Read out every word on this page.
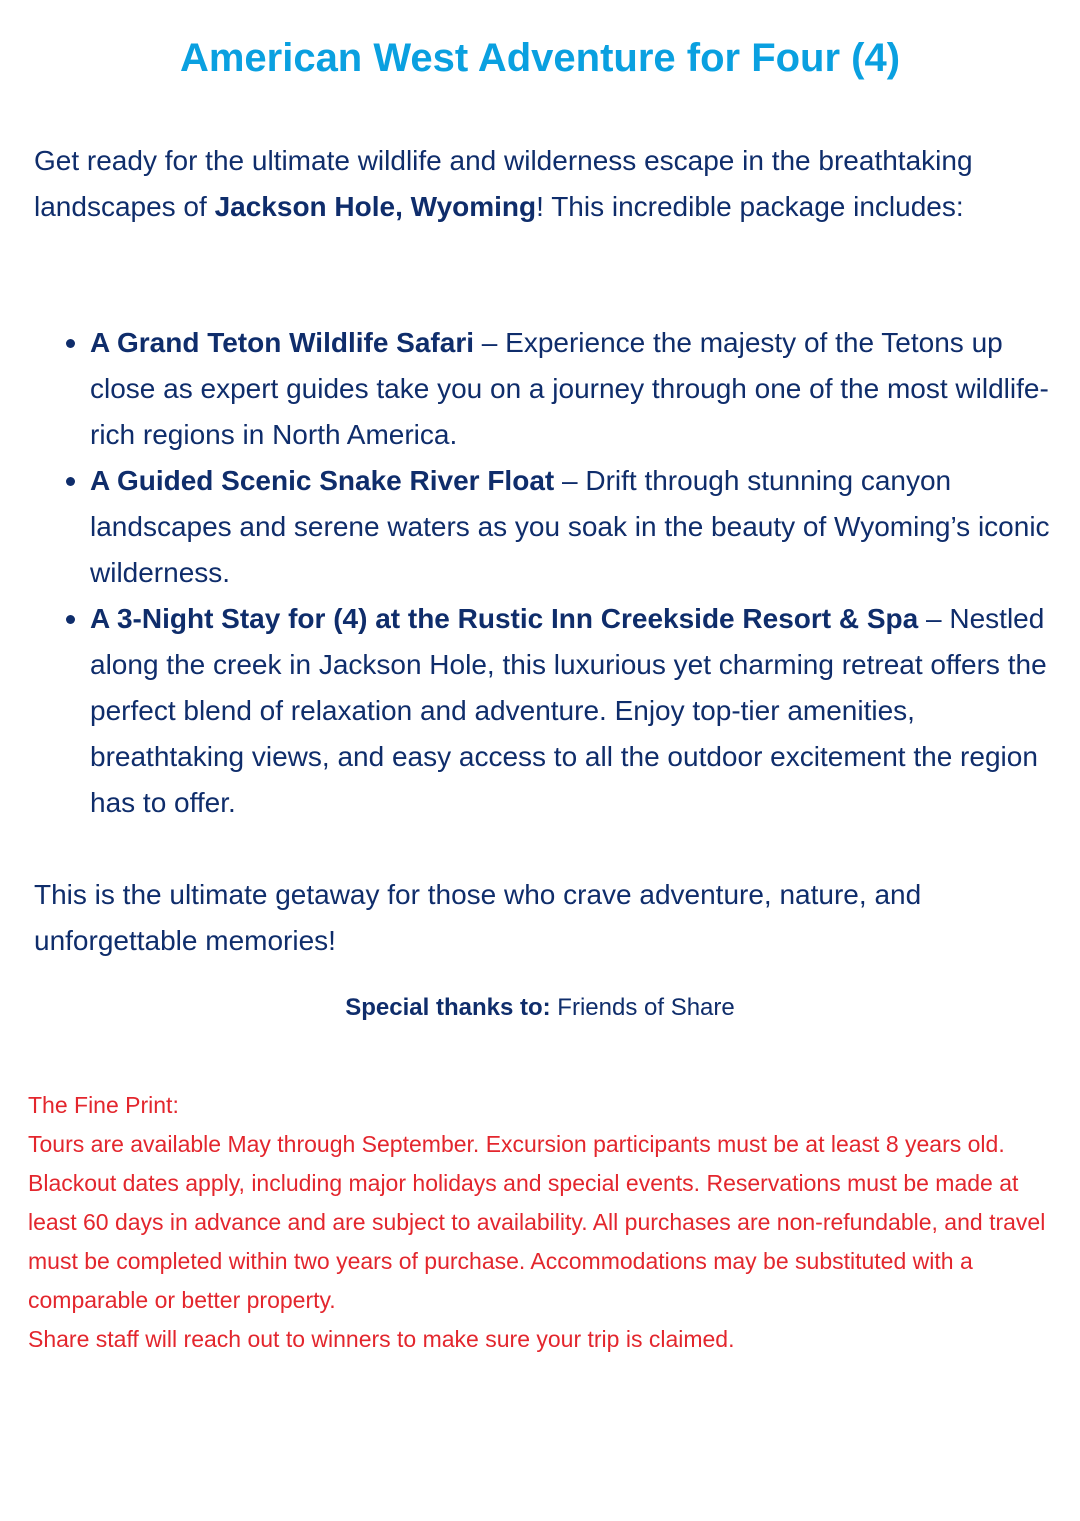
American West Adventure for Four (4)

Get ready for the ultimate wildlife and wilderness escape in the breathtaking landscapes of Jackson Hole, Wyoming! This incredible package includes:

A Grand Teton Wildlife Safari – Experience the majesty of the Tetons up close as expert guides take you on a journey through one of the most wildlife-rich regions in North America.
A Guided Scenic Snake River Float – Drift through stunning canyon landscapes and serene waters as you soak in the beauty of Wyoming’s iconic wilderness.
A 3-Night Stay for (4) at the Rustic Inn Creekside Resort & Spa – Nestled along the creek in Jackson Hole, this luxurious yet charming retreat offers the perfect blend of relaxation and adventure. Enjoy top-tier amenities, breathtaking views, and easy access to all the outdoor excitement the region has to offer.

This is the ultimate getaway for those who crave adventure, nature, and unforgettable memories!

Special thanks to: Friends of Share

The Fine Print:

Tours are available May through September. Excursion participants must be at least 8 years old. Blackout dates apply, including major holidays and special events. Reservations must be made at least 60 days in advance and are subject to availability. All purchases are non-refundable, and travel must be completed within two years of purchase. Accommodations may be substituted with a comparable or better property.

Share staff will reach out to winners to make sure your trip is claimed.
